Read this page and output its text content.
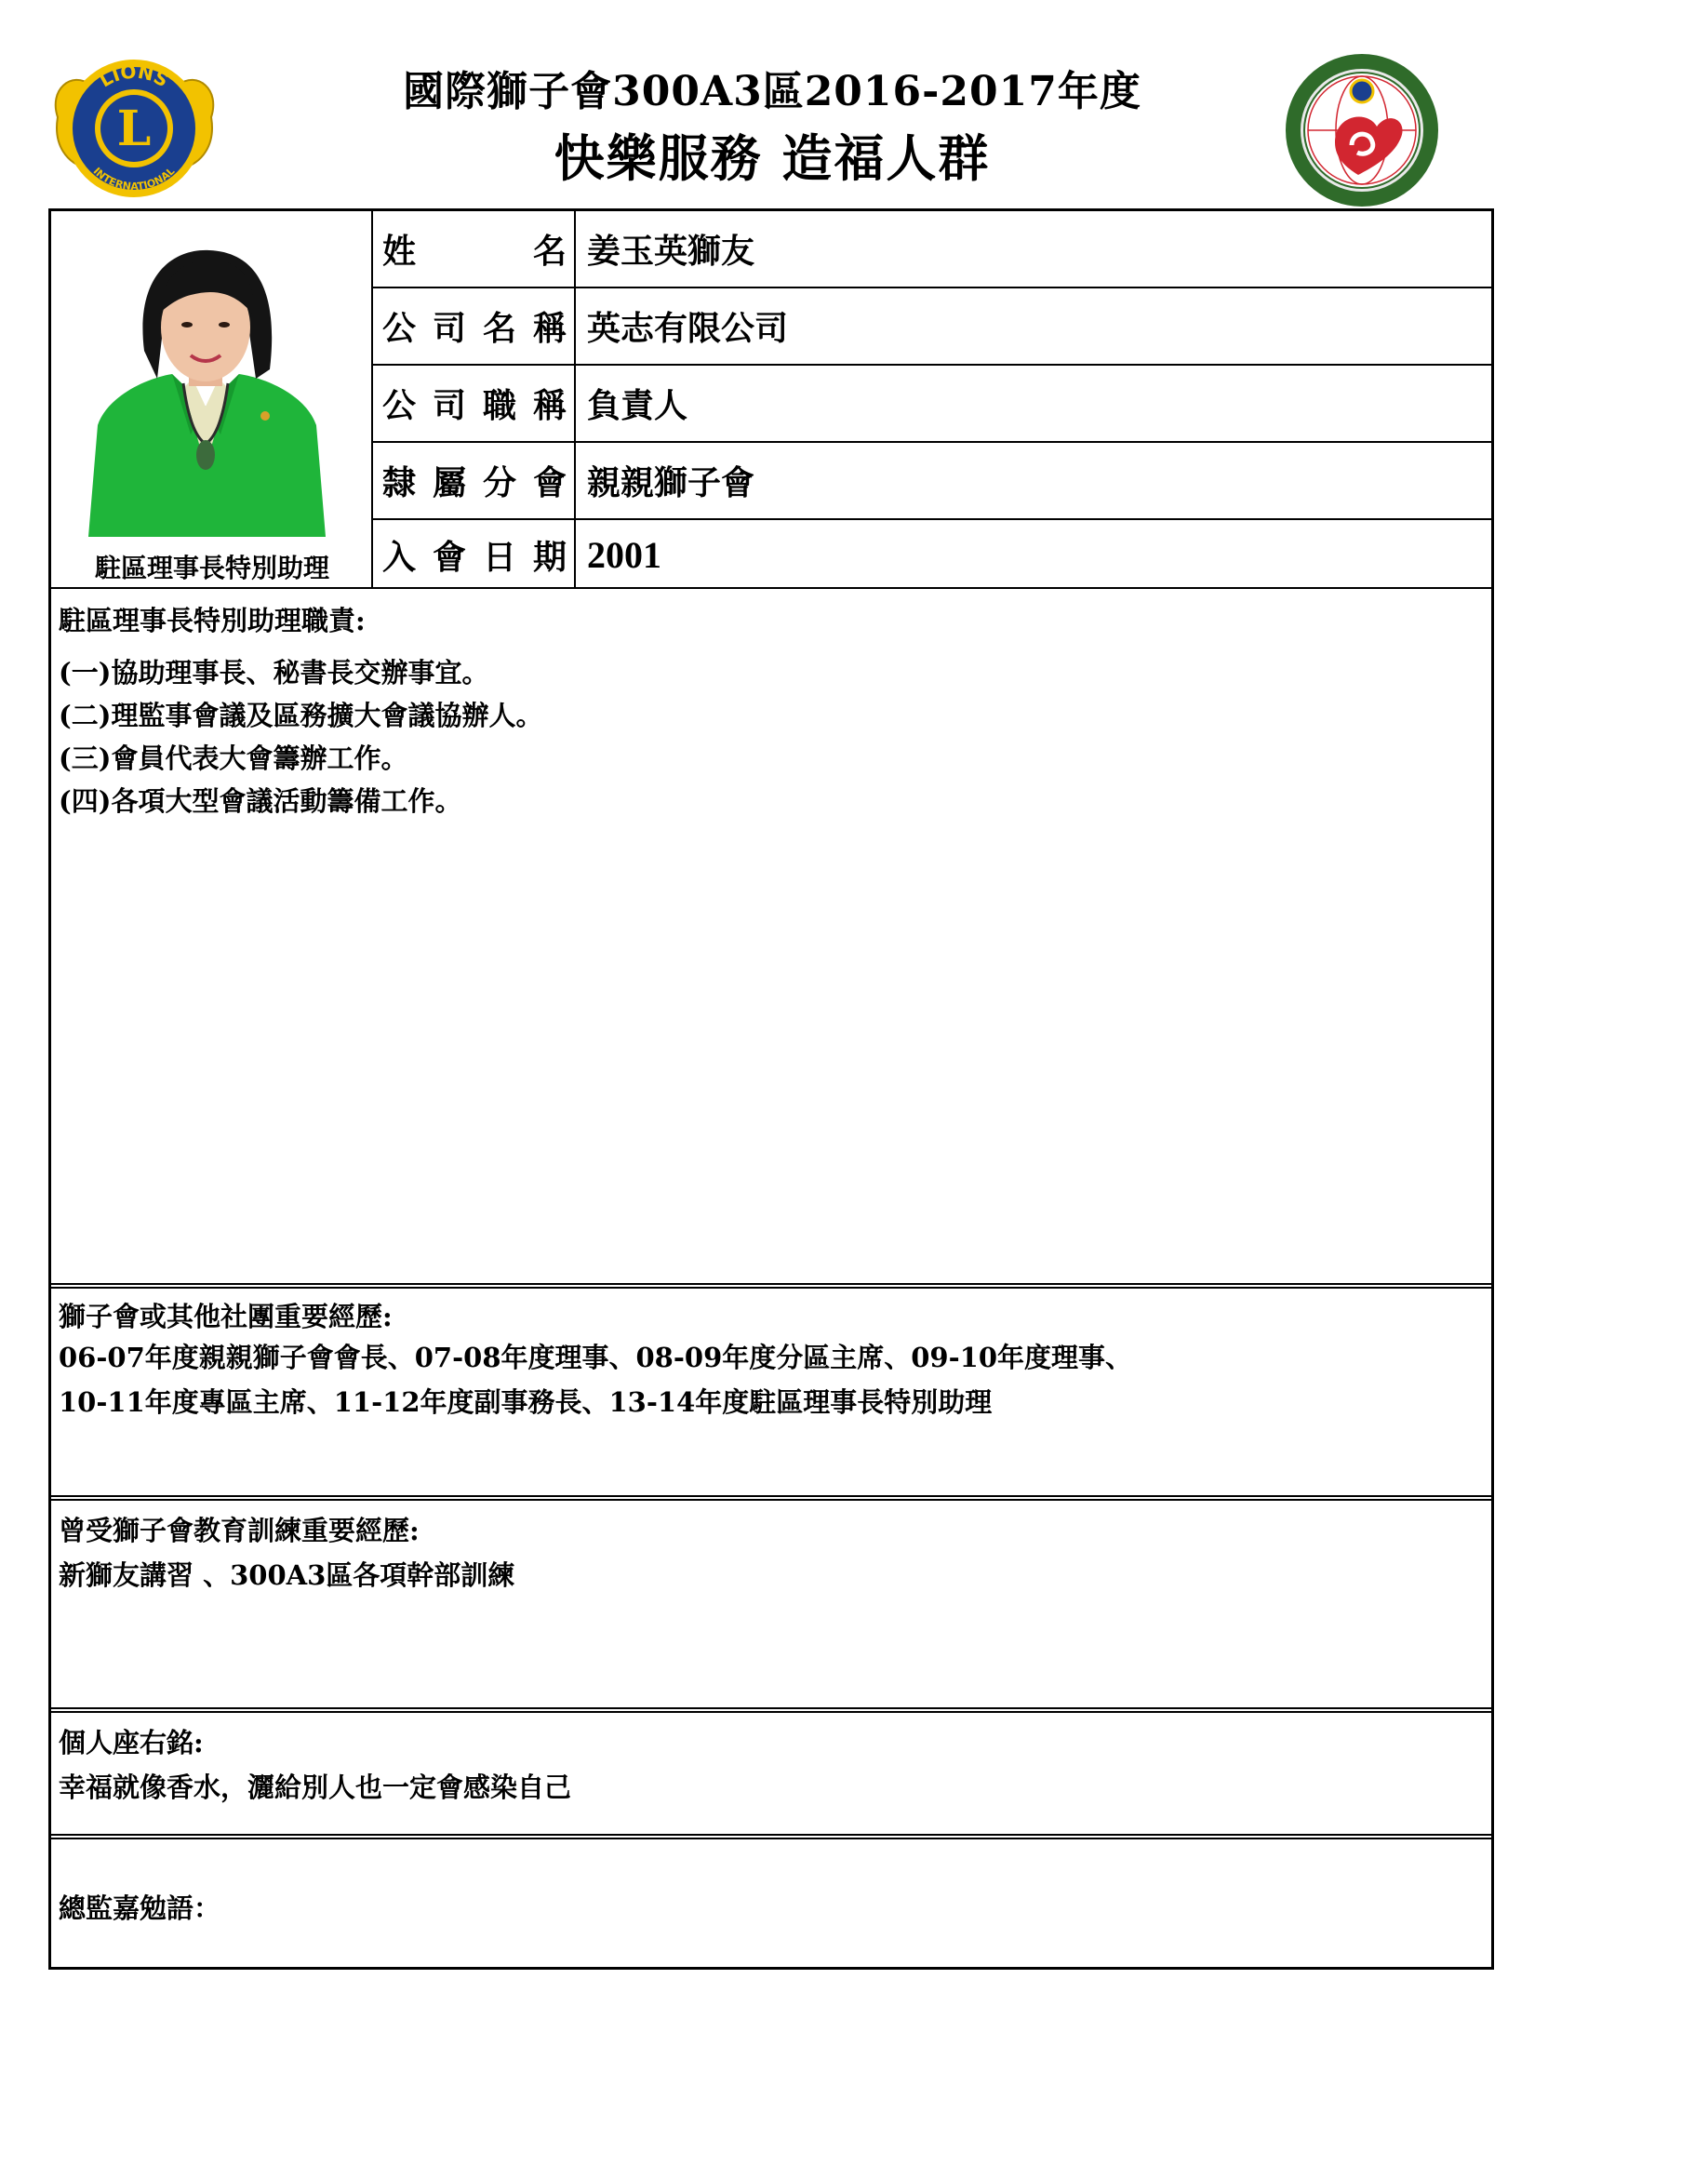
L
LIONS
INTERNATIONAL
國際獅子會300A3區2016-2017年度
快樂服務 造福人群
駐區理事長特別助理
姓	名 姜玉英獅友
公 司 名 稱 英志有限公司
公 司 職 稱 負責人
隸 屬 分 會 親親獅子會
入 會 日 期 2001
駐區理事長特別助理職責:
(一)協助理事長、秘書長交辦事宜。
(二)理監事會議及區務擴大會議協辦人。
(三)會員代表大會籌辦工作。
(四)各項大型會議活動籌備工作。
獅子會或其他社團重要經歷:
06-07年度親親獅子會會長、07-08年度理事、08-09年度分區主席、09-10年度理事、
10-11年度專區主席、11-12年度副事務長、13-14年度駐區理事長特別助理
曾受獅子會教育訓練重要經歷:
新獅友講習 、300A3區各項幹部訓練
個人座右銘:
幸福就像香水，灑給別人也一定會感染自己
總監嘉勉語：
